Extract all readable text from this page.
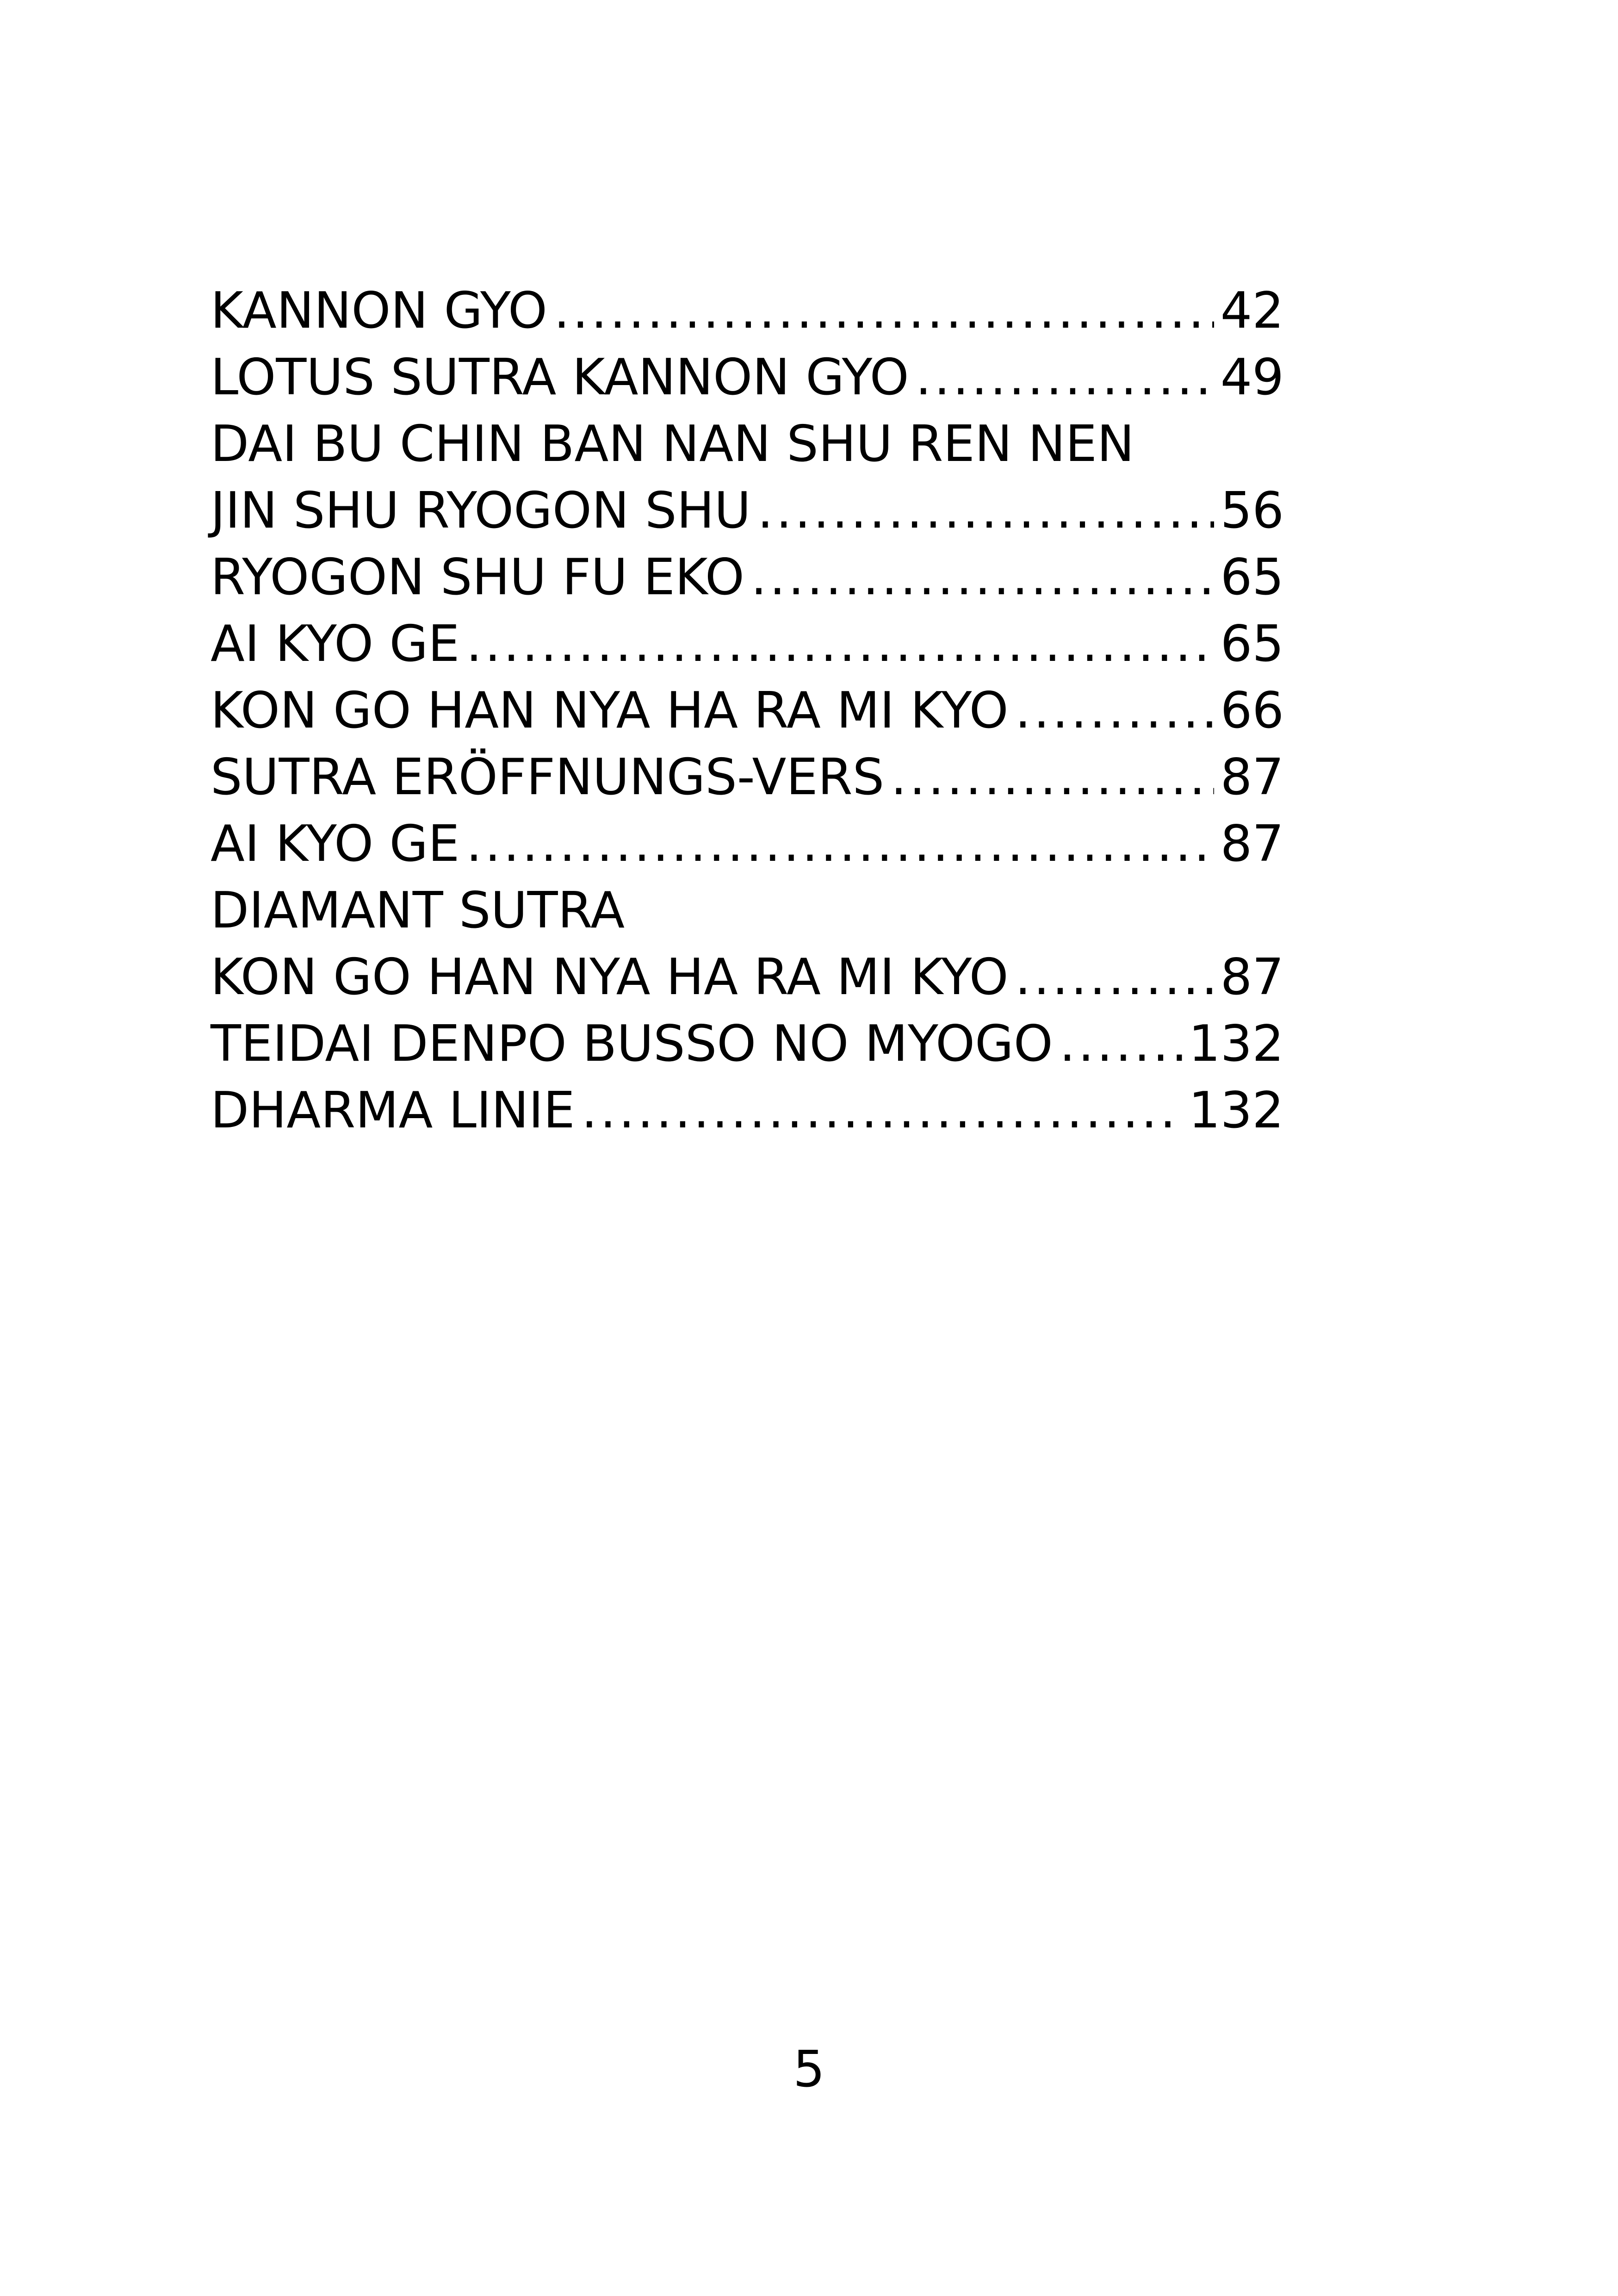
KANNON GYO .....	42
LOTUS SUTRA KANNON GYO .....	49
DAI BU CHIN BAN NAN SHU REN NEN
JIN SHU RYOGON SHU .....	56
RYOGON SHU FU EKO .....	65
AI KYO GE .....	65
KON GO HAN NYA HA RA MI KYO .....	66
SUTRA ERÖFFNUNGS-VERS .....	87
AI KYO GE .....	87
DIAMANT SUTRA
KON GO HAN NYA HA RA MI KYO .....	87
TEIDAI DENPO BUSSO NO MYOGO .....	132
DHARMA LINIE .....	132
5
